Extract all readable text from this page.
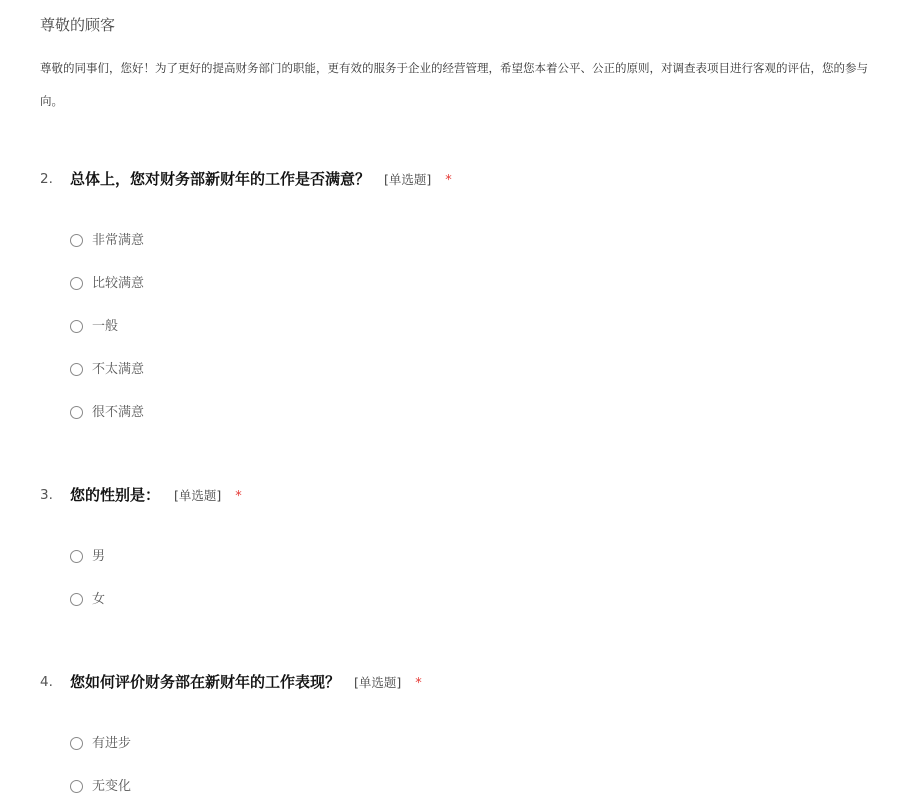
尊敬的顾客
尊敬的同事们，您好！为了更好的提高财务部门的职能，更有效的服务于企业的经营管理，希望您本着公平、公正的原则，对调查表项目进行客观的评估，您的参与
向。
2. 总体上，您对财务部新财年的工作是否满意？ [单选题] *
非常满意
比较满意
一般
不太满意
很不满意
3. 您的性别是： [单选题] *
男
女
4. 您如何评价财务部在新财年的工作表现？ [单选题] *
有进步
无变化
